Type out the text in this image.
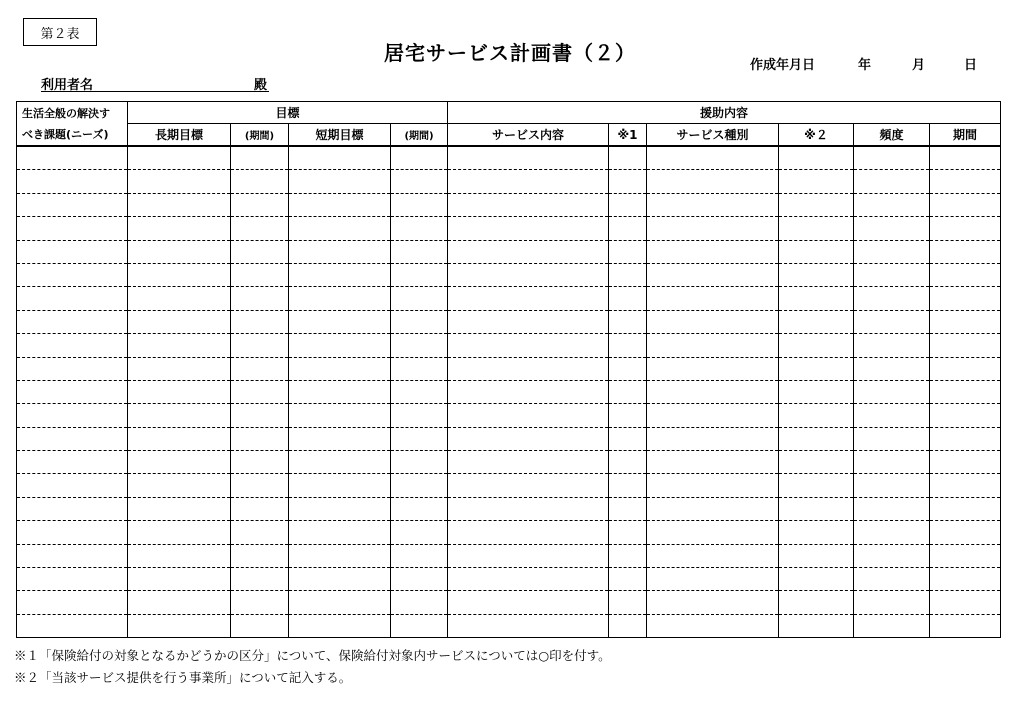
第２表
居宅サービス計画書（２）
作成年月日	年	月	日
利用者名	殿
生活全般の解決す	目標				援助内容					
べき課題(ニーズ)	長期目標	(期間)	短期目標	(期間)	サービス内容	※1	サービス種別	※２	頻度	期間

※１「保険給付の対象となるかどうかの区分」について、保険給付対象内サービスについては○印を付す。
※２「当該サービス提供を行う事業所」について記入する。
